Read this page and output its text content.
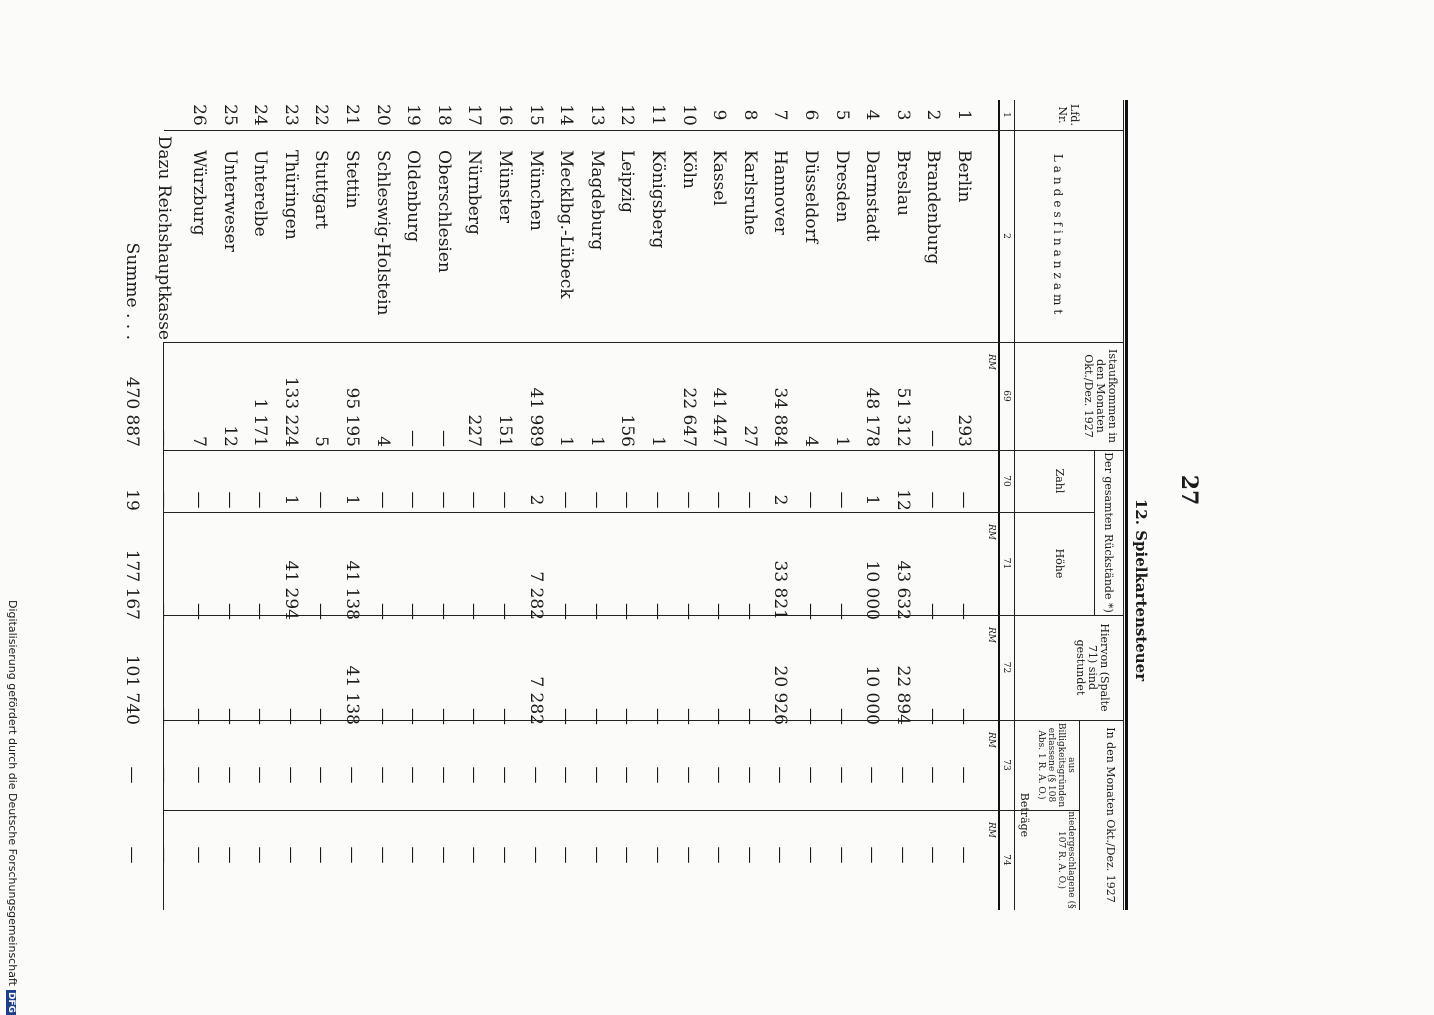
27
12. Spielkartensteuer
Lfd. Nr.
Landesfinanzamt
Istaufkommen in den Monaten Okt./Dez. 1927
Der gesamten Rückstände *)
Zahl
Höhe
Hiervon (Spalte 71) sind gestundet
In den Monaten Okt./Dez. 1927
aus Billigkeitsgründen erlassene (§ 108 Abs. 1 R. A. O.)
niedergeschlagene (§ 107 R. A. O.)
Beträge
1
2
69
70
71
72
73
74
RM
RM
RM
RM
RM
1
Berlin
293
—
—
—
—
—
2
Brandenburg
—
—
—
—
—
—
3
Breslau
51 312
12
43 632
22 894
—
—
4
Darmstadt
48 178
1
10 000
10 000
—
—
5
Dresden
1
—
—
—
—
—
6
Düsseldorf
4
—
—
—
—
—
7
Hannover
34 884
2
33 821
20 926
—
—
8
Karlsruhe
27
—
—
—
—
—
9
Kassel
41 447
—
—
—
—
—
10
Köln
22 647
—
—
—
—
—
11
Königsberg
1
—
—
—
—
—
12
Leipzig
156
—
—
—
—
—
13
Magdeburg
1
—
—
—
—
—
14
Mecklbg.-Lübeck
1
—
—
—
—
—
15
München
41 989
2
7 282
7 282
—
—
16
Münster
151
—
—
—
—
—
17
Nürnberg
227
—
—
—
—
—
18
Oberschlesien
—
—
—
—
—
—
19
Oldenburg
—
—
—
—
—
—
20
Schleswig-Holstein
4
—
—
—
—
—
21
Stettin
95 195
1
41 138
41 138
—
—
22
Stuttgart
5
—
—
—
—
—
23
Thüringen
133 224
1
41 294
—
—
—
24
Unterelbe
1 171
—
—
—
—
—
25
Unterweser
12
—
—
—
—
—
26
Würzburg
7
—
—
—
—
—
Dazu Reichshauptkasse
—
—
—
—
—
—
Summe . . .
470 887
19
177 167
101 740
—
—
Digitalisierung gefördert durch die Deutsche ForschungsgemeinschaftDFG
